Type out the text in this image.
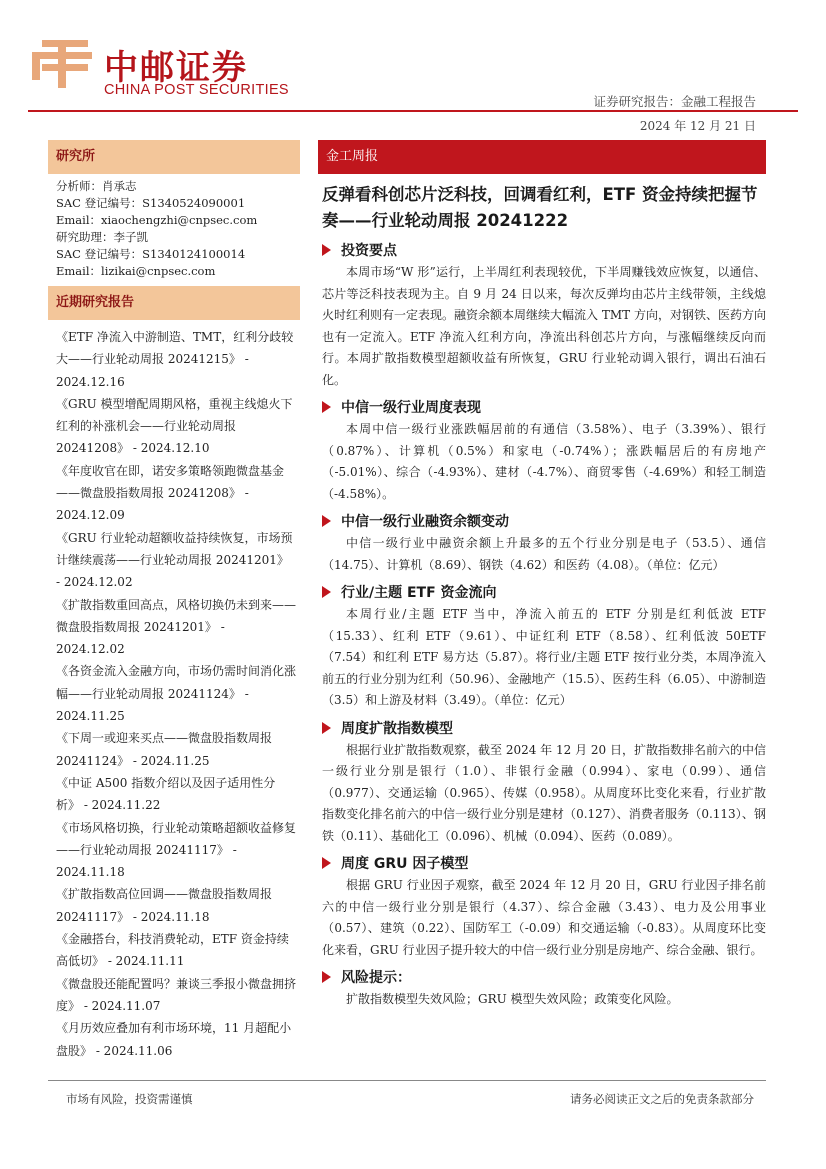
中邮证券
CHINA POST SECURITIES
证券研究报告：金融工程报告
2024 年 12 月 21 日
研究所
分析师：肖承志
SAC 登记编号：S1340524090001
Email：xiaochengzhi@cnpsec.com
研究助理：李子凯
SAC 登记编号：S1340124100014
Email：lizikai@cnpsec.com
近期研究报告
《ETF 净流入中游制造、TMT，红利分歧较大——行业轮动周报 20241215》 - 2024.12.16
《GRU 模型增配周期风格，重视主线熄火下红利的补涨机会——行业轮动周报 20241208》 - 2024.12.10
《年度收官在即，诺安多策略领跑微盘基金——微盘股指数周报 20241208》 - 2024.12.09
《GRU 行业轮动超额收益持续恢复，市场预计继续震荡——行业轮动周报 20241201》 - 2024.12.02
《扩散指数重回高点，风格切换仍未到来——微盘股指数周报 20241201》 - 2024.12.02
《各资金流入金融方向，市场仍需时间消化涨幅——行业轮动周报 20241124》 - 2024.11.25
《下周一或迎来买点——微盘股指数周报 20241124》 - 2024.11.25
《中证 A500 指数介绍以及因子适用性分析》 - 2024.11.22
《市场风格切换，行业轮动策略超额收益修复——行业轮动周报 20241117》 - 2024.11.18
《扩散指数高位回调——微盘股指数周报 20241117》 - 2024.11.18
《金融搭台，科技消费轮动，ETF 资金持续高低切》 - 2024.11.11
《微盘股还能配置吗？兼谈三季报小微盘拥挤度》 - 2024.11.07
《月历效应叠加有利市场环境，11 月超配小盘股》 - 2024.11.06
金工周报
反弹看科创芯片泛科技，回调看红利，ETF 资金持续把握节奏——行业轮动周报 20241222
投资要点

本周市场“W 形”运行，上半周红利表现较优，下半周赚钱效应恢复，以通信、芯片等泛科技表现为主。自 9 月 24 日以来，每次反弹均由芯片主线带领，主线熄火时红利则有一定表现。融资余额本周继续大幅流入 TMT 方向，对钢铁、医药方向也有一定流入。ETF 净流入红利方向，净流出科创芯片方向，与涨幅继续反向而行。本周扩散指数模型超额收益有所恢复，GRU 行业轮动调入银行，调出石油石化。

中信一级行业周度表现

本周中信一级行业涨跌幅居前的有通信（3.58%）、电子（3.39%）、银行（0.87%）、计算机（0.5%）和家电（-0.74%）；涨跌幅居后的有房地产（-5.01%）、综合（-4.93%）、建材（-4.7%）、商贸零售（-4.69%）和轻工制造（-4.58%）。

中信一级行业融资余额变动

中信一级行业中融资余额上升最多的五个行业分别是电子（53.5）、通信（14.75）、计算机（8.69）、钢铁（4.62）和医药（4.08）。（单位：亿元）

行业/主题 ETF 资金流向

本周行业/主题 ETF 当中，净流入前五的 ETF 分别是红利低波 ETF（15.33）、红利 ETF（9.61）、中证红利 ETF（8.58）、红利低波 50ETF（7.54）和红利 ETF 易方达（5.87）。将行业/主题 ETF 按行业分类，本周净流入前五的行业分别为红利（50.96）、金融地产（15.5）、医药生科（6.05）、中游制造（3.5）和上游及材料（3.49）。（单位：亿元）

周度扩散指数模型

根据行业扩散指数观察，截至 2024 年 12 月 20 日，扩散指数排名前六的中信一级行业分别是银行（1.0）、非银行金融（0.994）、家电（0.99）、通信（0.977）、交通运输（0.965）、传媒（0.958）。从周度环比变化来看，行业扩散指数变化排名前六的中信一级行业分别是建材（0.127）、消费者服务（0.113）、钢铁（0.11）、基础化工（0.096）、机械（0.094）、医药（0.089）。

周度 GRU 因子模型

根据 GRU 行业因子观察，截至 2024 年 12 月 20 日，GRU 行业因子排名前六的中信一级行业分别是银行（4.37）、综合金融（3.43）、电力及公用事业（0.57）、建筑（0.22）、国防军工（-0.09）和交通运输（-0.83）。从周度环比变化来看，GRU 行业因子提升较大的中信一级行业分别是房地产、综合金融、银行。

风险提示：

扩散指数模型失效风险；GRU 模型失效风险；政策变化风险。

市场有风险，投资需谨慎	请务必阅读正文之后的免责条款部分
